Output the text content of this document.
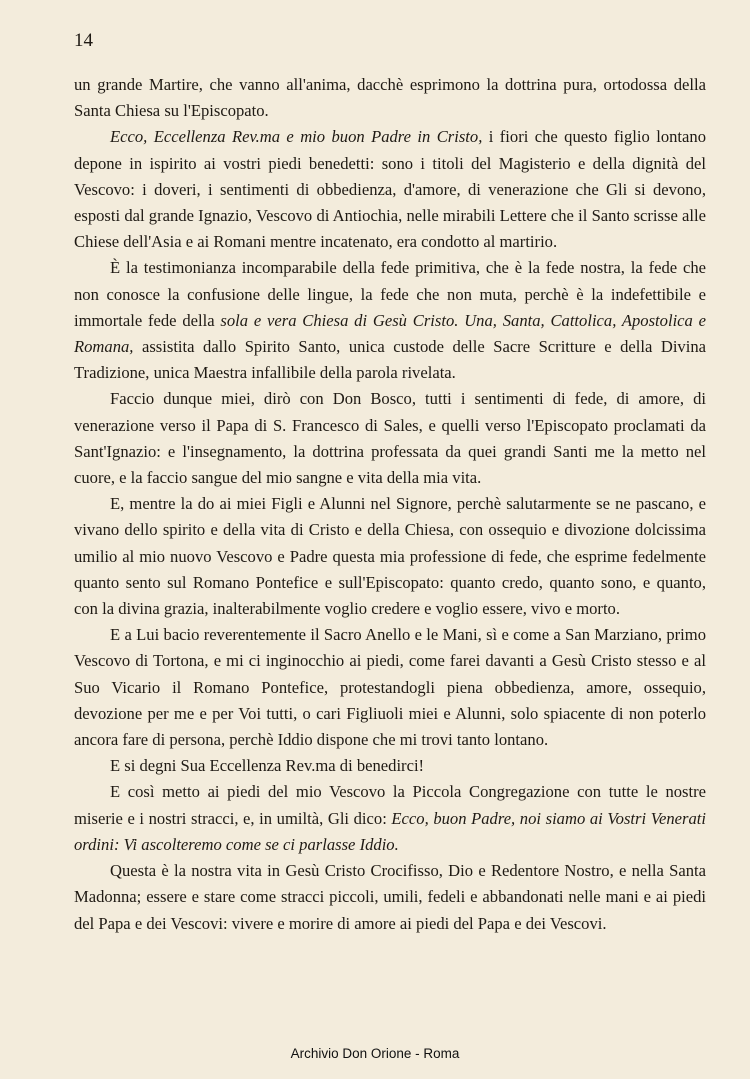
14

un grande Martire, che vanno all'anima, dacchè esprimono la dottrina pura, ortodossa della Santa Chiesa su l'Episcopato.

Ecco, Eccellenza Rev.ma e mio buon Padre in Cristo, i fiori che questo figlio lontano depone in ispirito ai vostri piedi benedetti: sono i titoli del Magisterio e della dignità del Vescovo: i doveri, i sentimenti di obbedienza, d'amore, di venerazione che Gli si devono, esposti dal grande Ignazio, Vescovo di Antiochia, nelle mirabili Lettere che il Santo scrisse alle Chiese dell'Asia e ai Romani mentre incatenato, era condotto al martirio.

È la testimonianza incomparabile della fede primitiva, che è la fede nostra, la fede che non conosce la confusione delle lingue, la fede che non muta, perchè è la indefettibile e immortale fede della sola e vera Chiesa di Gesù Cristo. Una, Santa, Cattolica, Apostolica e Romana, assistita dallo Spirito Santo, unica custode delle Sacre Scritture e della Divina Tradizione, unica Maestra infallibile della parola rivelata.

Faccio dunque miei, dirò con Don Bosco, tutti i sentimenti di fede, di amore, di venerazione verso il Papa di S. Francesco di Sales, e quelli verso l'Episcopato proclamati da Sant'Ignazio: e l'insegnamento, la dottrina professata da quei grandi Santi me la metto nel cuore, e la faccio sangue del mio sangne e vita della mia vita.

E, mentre la do ai miei Figli e Alunni nel Signore, perchè salutarmente se ne pascano, e vivano dello spirito e della vita di Cristo e della Chiesa, con ossequio e divozione dolcissima umilio al mio nuovo Vescovo e Padre questa mia professione di fede, che esprime fedelmente quanto sento sul Romano Pontefice e sull'Episcopato: quanto credo, quanto sono, e quanto, con la divina grazia, inalterabilmente voglio credere e voglio essere, vivo e morto.

E a Lui bacio reverentemente il Sacro Anello e le Mani, sì e come a San Marziano, primo Vescovo di Tortona, e mi ci inginocchio ai piedi, come farei davanti a Gesù Cristo stesso e al Suo Vicario il Romano Pontefice, protestandogli piena obbedienza, amore, ossequio, devozione per me e per Voi tutti, o cari Figliuoli miei e Alunni, solo spiacente di non poterlo ancora fare di persona, perchè Iddio dispone che mi trovi tanto lontano.

E si degni Sua Eccellenza Rev.ma di benedirci!

E così metto ai piedi del mio Vescovo la Piccola Congregazione con tutte le nostre miserie e i nostri stracci, e, in umiltà, Gli dico: Ecco, buon Padre, noi siamo ai Vostri Venerati ordini: Vi ascolteremo come se ci parlasse Iddio.

Questa è la nostra vita in Gesù Cristo Crocifisso, Dio e Redentore Nostro, e nella Santa Madonna; essere e stare come stracci piccoli, umili, fedeli e abbandonati nelle mani e ai piedi del Papa e dei Vescovi: vivere e morire di amore ai piedi del Papa e dei Vescovi.

Archivio Don Orione - Roma
